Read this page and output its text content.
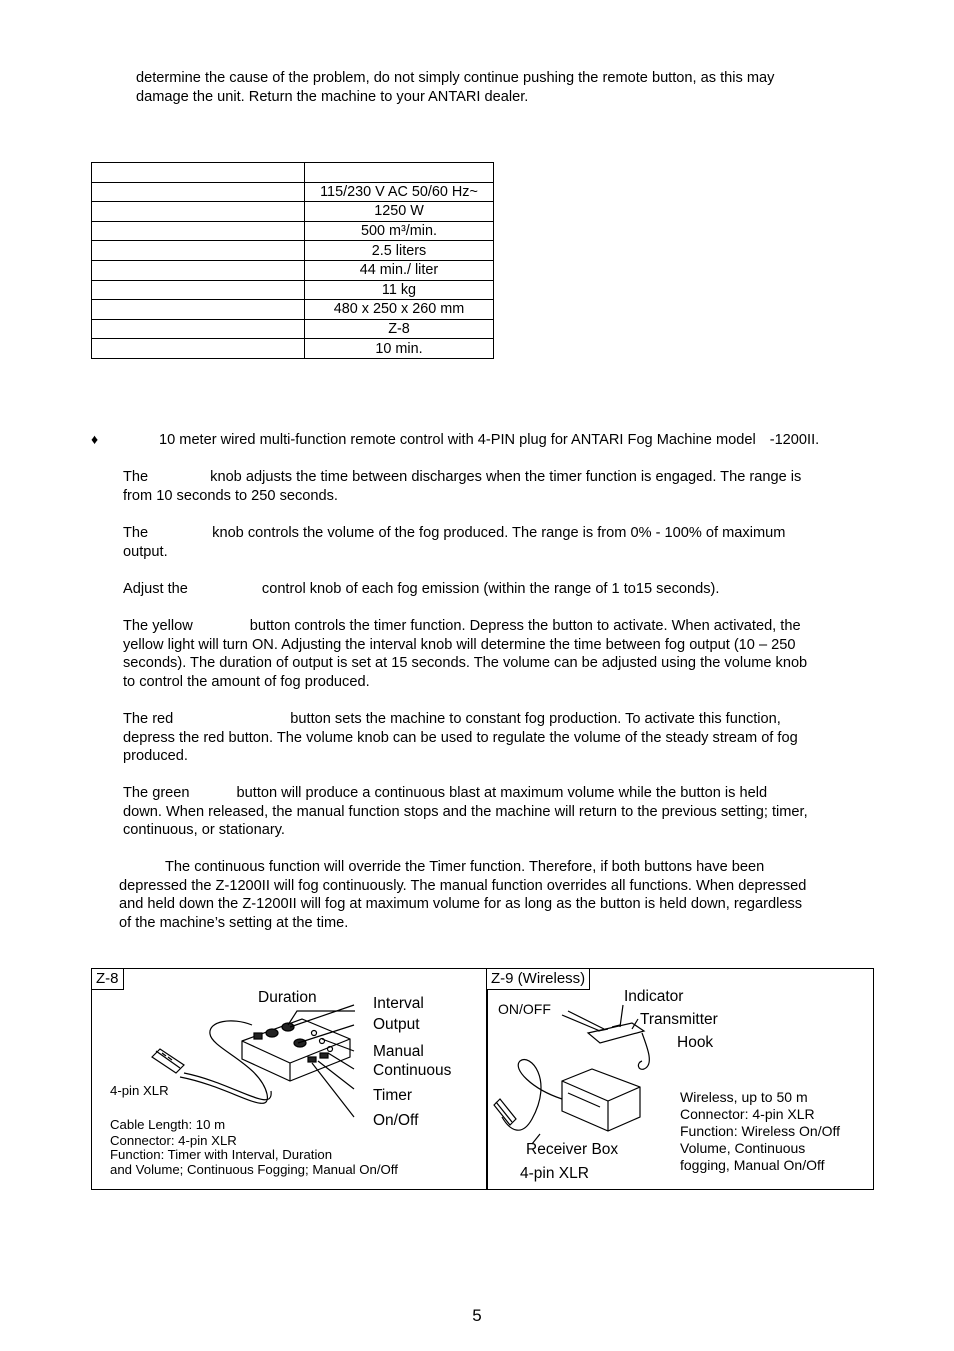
determine the cause of the problem, do not simply continue pushing the remote button, as this may

damage the unit. Return the machine to your ANTARI dealer.

	115/230 V AC 50/60 Hz~
	1250 W
	500 m³/min.
	2.5 liters
	44 min./ liter
	11 kg
	480 x 250 x 260 mm
	Z-8
	10 min.
♦	10 meter wired multi-function remote control with 4-PIN plug for ANTARI Fog Machine model -1200II.

The	knob adjusts the time between discharges when the timer function is engaged. The range is
from 10 seconds to 250 seconds.

The	knob controls the volume of the fog produced. The range is from 0% - 100% of maximum
output.

Adjust the	control knob of each fog emission (within the range of 1 to15 seconds).

The yellow	button controls the timer function. Depress the button to activate. When activated, the
yellow light will turn ON. Adjusting the interval knob will determine the time between fog output (10 – 250
seconds). The duration of output is set at 15 seconds. The volume can be adjusted using the volume knob
to control the amount of fog produced.

The red	button sets the machine to constant fog production. To activate this function,
depress the red button. The volume knob can be used to regulate the volume of the steady stream of fog
produced.

The green	button will produce a continuous blast at maximum volume while the button is held
down. When released, the manual function stops and the machine will return to the previous setting; timer,
continuous, or stationary.

The continuous function will override the Timer function. Therefore, if both buttons have been
depressed the Z-1200II will fog continuously. The manual function overrides all functions. When depressed
and held down the Z-1200II will fog at maximum volume for as long as the button is held down, regardless
of the machine’s setting at the time.

Z-8
Duration	Interval
Output
Manual
Continuous
Timer
On/Off
4-pin XLR
Cable Length: 10 m
Connector: 4-pin XLR
Function: Timer with Interval, Duration
and Volume; Continuous Fogging; Manual On/Off
Z-9 (Wireless)
ON/OFF
Indicator
Transmitter
Hook
Receiver Box
4-pin XLR
Wireless, up to 50 m
Connector: 4-pin XLR
Function: Wireless On/Off
Volume, Continuous
fogging, Manual On/Off
5
